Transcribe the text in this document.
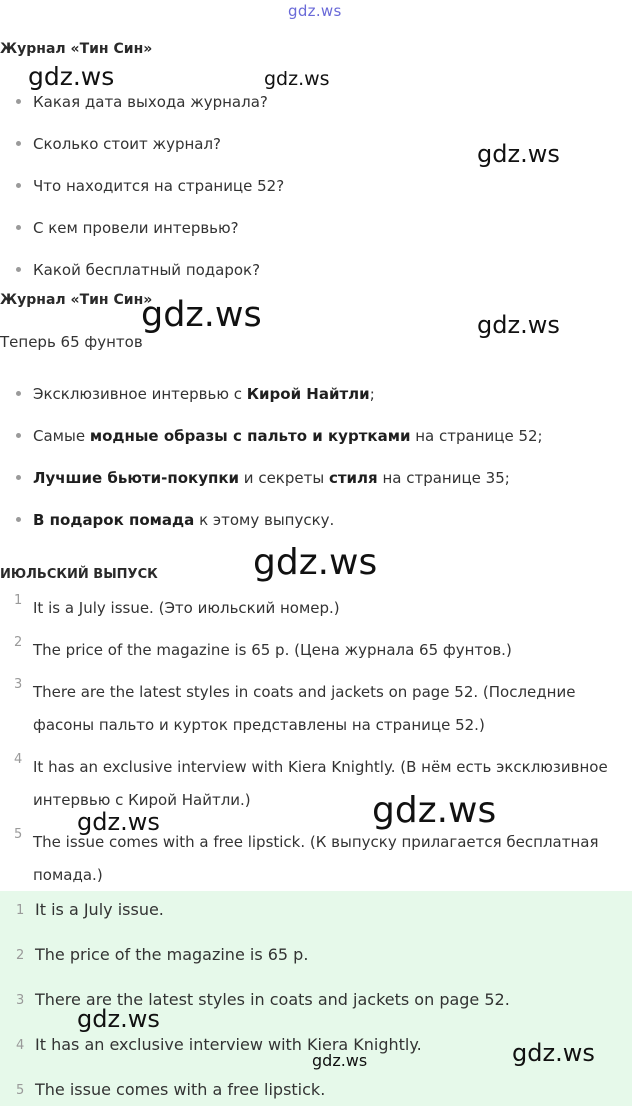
gdz.ws
Журнал «Тин Син»
Какая дата выхода журнала?
Сколько стоит журнал?
Что находится на странице 52?
С кем провели интервью?
Какой бесплатный подарок?
Журнал «Тин Син»
Теперь 65 фунтов
Эксклюзивное интервью с Кирой Найтли;
Самые модные образы с пальто и куртками на странице 52;
Лучшие бьюти-покупки и секреты стиля на странице 35;
В подарок помада к этому выпуску.
ИЮЛЬСКИЙ ВЫПУСК
1 It is a July issue. (Это июльский номер.)
2 The price of the magazine is 65 p. (Цена журнала 65 фунтов.)
3 There are the latest styles in coats and jackets on page 52. (Последние фасоны пальто и курток представлены на странице 52.)
4 It has an exclusive interview with Kiera Knightly. (В нём есть эксклюзивное интервью с Кирой Найтли.)
5 The issue comes with a free lipstick. (К выпуску прилагается бесплатная помада.)
1 It is a July issue.
2 The price of the magazine is 65 p.
3 There are the latest styles in coats and jackets on page 52.
4 It has an exclusive interview with Kiera Knightly.
5 The issue comes with a free lipstick.
gdz.ws	gdz.ws
gdz.ws
gdz.ws	gdz.ws
gdz.ws
gdz.ws
gdz.ws
gdz.ws
gdz.ws	gdz.ws
